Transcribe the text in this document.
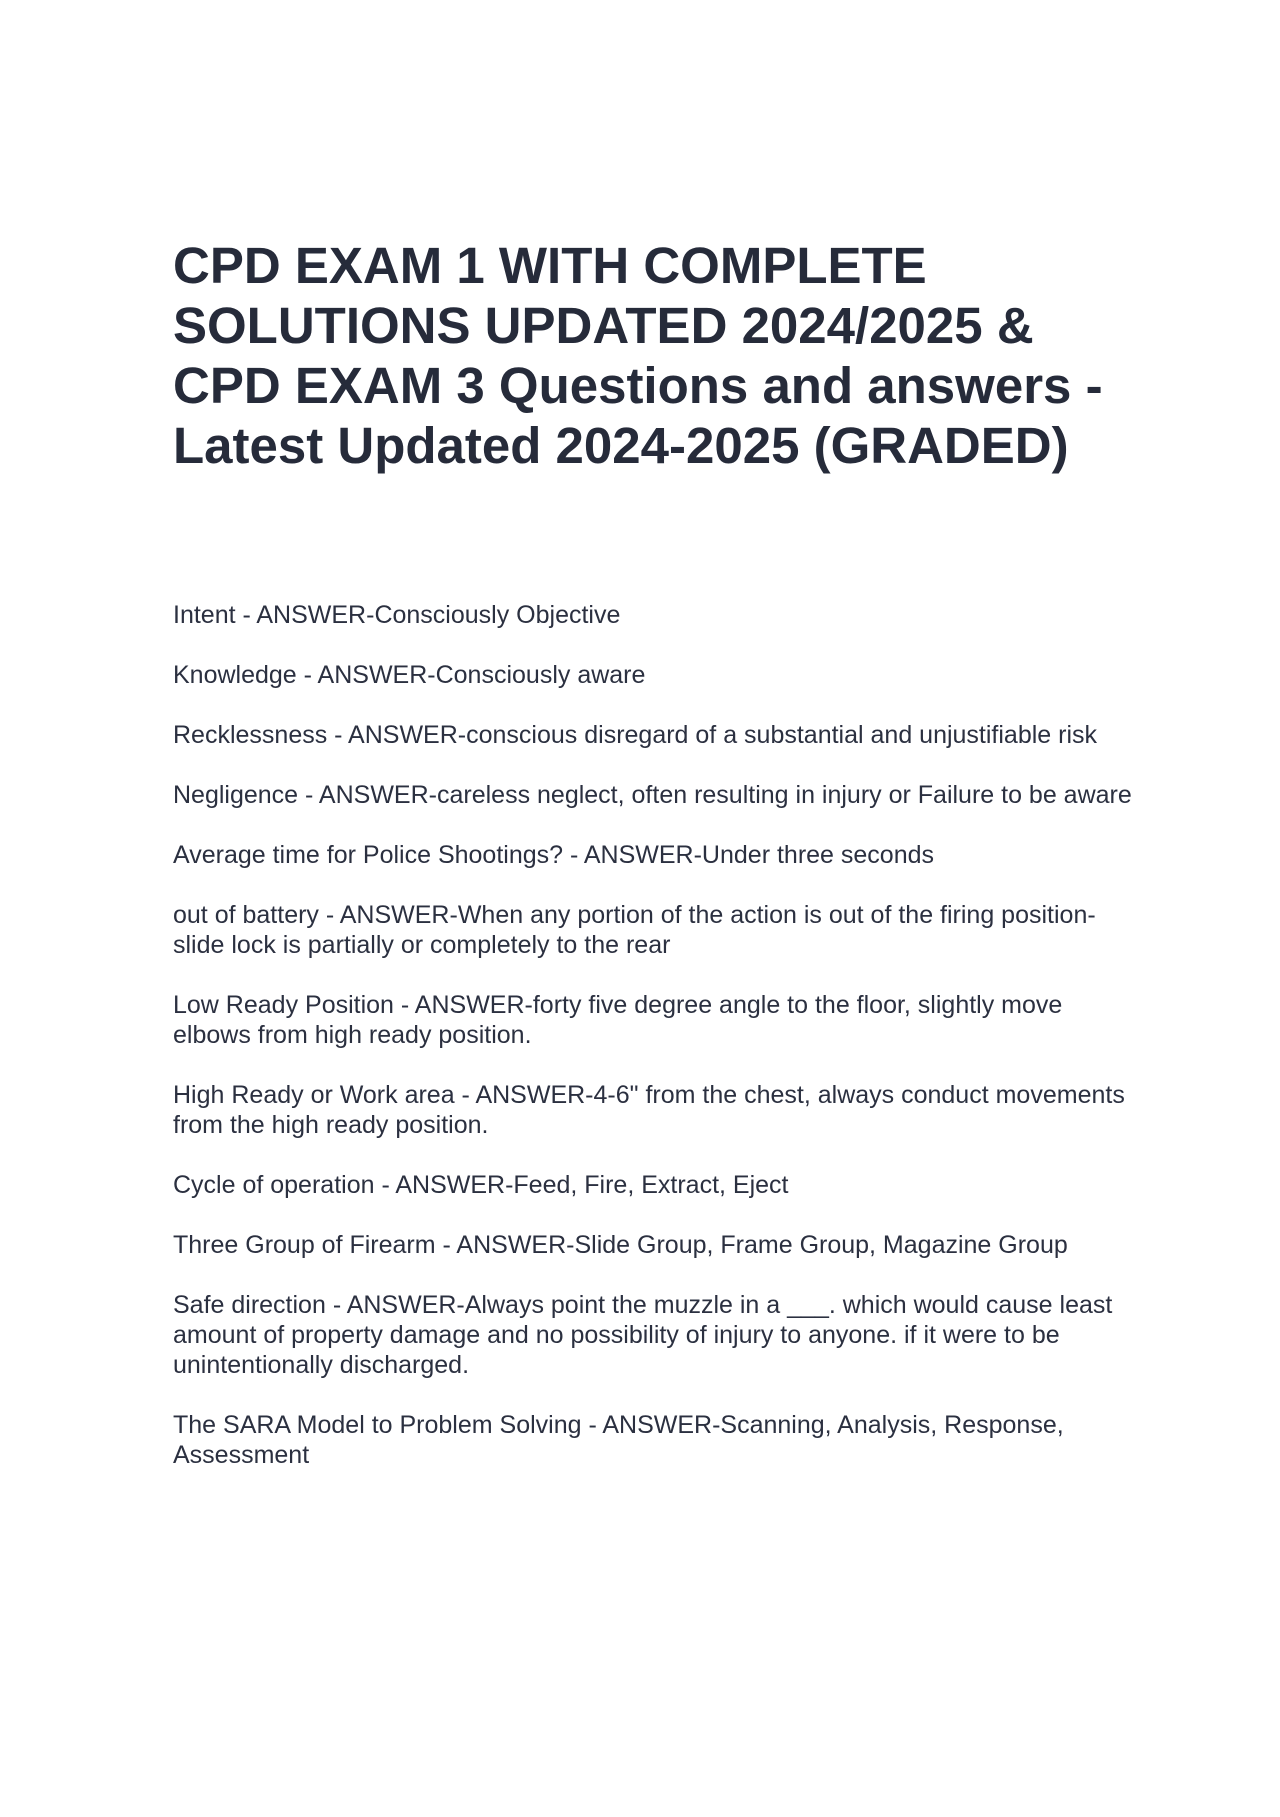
CPD EXAM 1 WITH COMPLETE SOLUTIONS UPDATED 2024/2025 & CPD EXAM 3 Questions and answers - Latest Updated 2024-2025 (GRADED)
Intent - ANSWER-Consciously Objective
Knowledge - ANSWER-Consciously aware
Recklessness - ANSWER-conscious disregard of a substantial and unjustifiable risk
Negligence - ANSWER-careless neglect, often resulting in injury or Failure to be aware
Average time for Police Shootings? - ANSWER-Under three seconds
out of battery - ANSWER-When any portion of the action is out of the firing position- slide lock is partially or completely to the rear
Low Ready Position - ANSWER-forty five degree angle to the floor, slightly move elbows from high ready position.
High Ready or Work area - ANSWER-4-6" from the chest, always conduct movements from the high ready position.
Cycle of operation - ANSWER-Feed, Fire, Extract, Eject
Three Group of Firearm - ANSWER-Slide Group, Frame Group, Magazine Group
Safe direction - ANSWER-Always point the muzzle in a ___. which would cause least amount of property damage and no possibility of injury to anyone. if it were to be unintentionally discharged.
The SARA Model to Problem Solving - ANSWER-Scanning, Analysis, Response, Assessment
